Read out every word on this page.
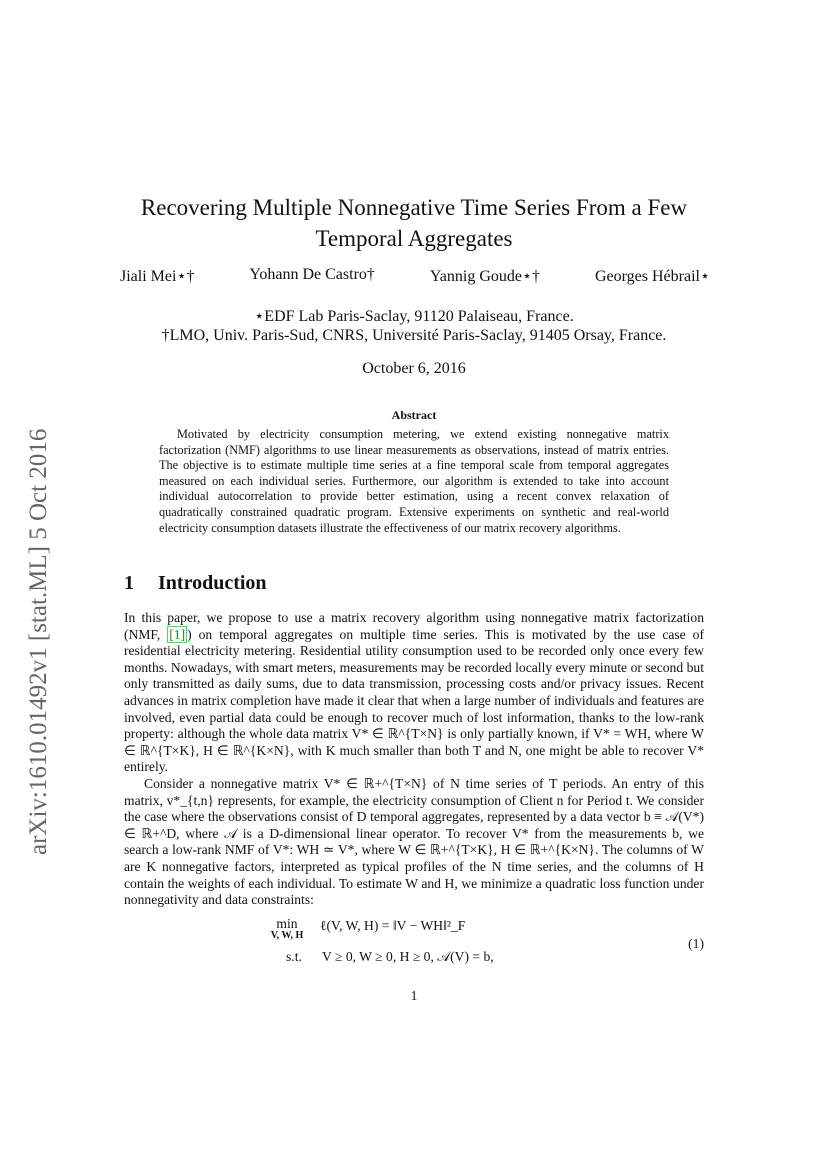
arXiv:1610.01492v1 [stat.ML] 5 Oct 2016
Recovering Multiple Nonnegative Time Series From a Few
Temporal Aggregates
Jiali Mei⋆†	Yohann De Castro†	Yannig Goude⋆†	Georges Hébrail⋆
⋆EDF Lab Paris-Saclay, 91120 Palaiseau, France.
†LMO, Univ. Paris-Sud, CNRS, Université Paris-Saclay, 91405 Orsay, France.
October 6, 2016
Abstract

Motivated by electricity consumption metering, we extend existing nonnegative matrix factorization (NMF) algorithms to use linear measurements as observations, instead of matrix entries. The objective is to estimate multiple time series at a fine temporal scale from temporal aggregates measured on each individual series. Furthermore, our algorithm is extended to take into account individual autocorrelation to provide better estimation, using a recent convex relaxation of quadratically constrained quadratic program. Extensive experiments on synthetic and real-world electricity consumption datasets illustrate the effectiveness of our matrix recovery algorithms.

1 Introduction

In this paper, we propose to use a matrix recovery algorithm using nonnegative matrix factorization (NMF, [1] ) on temporal aggregates on multiple time series. This is motivated by the use case of residential electricity metering. Residential utility consumption used to be recorded only once every few months. Nowadays, with smart meters, measurements may be recorded locally every minute or second but only transmitted as daily sums, due to data transmission, processing costs and/or privacy issues. Recent advances in matrix completion have made it clear that when a large number of individuals and features are involved, even partial data could be enough to recover much of lost information, thanks to the low-rank property: although the whole data matrix V* ∈ ℝ^{T×N} is only partially known, if V* = WH, where W ∈ ℝ^{T×K}, H ∈ ℝ^{K×N}, with K much smaller than both T and N, one might be able to recover V* entirely.

Consider a nonnegative matrix V* ∈ ℝ+^{T×N} of N time series of T periods. An entry of this matrix, v*_{t,n} represents, for example, the electricity consumption of Client n for Period t. We consider the case where the observations consist of D temporal aggregates, represented by a data vector b ≡ 𝒜(V*) ∈ ℝ+^D, where 𝒜 is a D-dimensional linear operator. To recover V* from the measurements b, we search a low-rank NMF of V*: WH ≃ V*, where W ∈ ℝ+^{T×K}, H ∈ ℝ+^{K×N}. The columns of W are K nonnegative factors, interpreted as typical profiles of the N time series, and the columns of H contain the weights of each individual. To estimate W and H, we minimize a quadratic loss function under nonnegativity and data constraints:

min
V, W, H
ℓ(V, W, H) = ‖V − WH‖²_F
s.t. V ≥ 0, W ≥ 0, H ≥ 0, 𝒜(V) = b,
(1)
1
